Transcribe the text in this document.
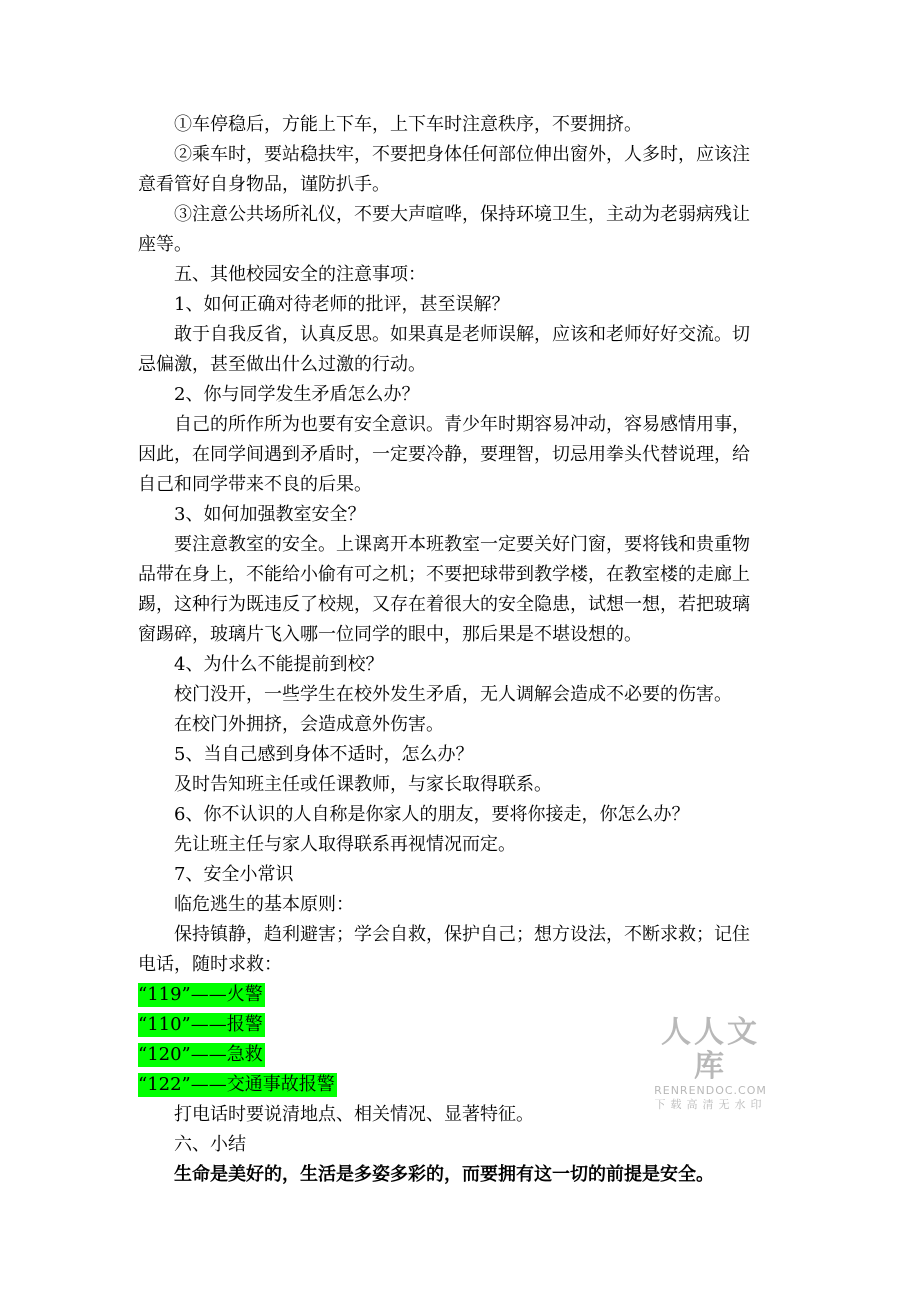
①车停稳后，方能上下车，上下车时注意秩序，不要拥挤。
②乘车时，要站稳扶牢，不要把身体任何部位伸出窗外，人多时，应该注
意看管好自身物品，谨防扒手。
③注意公共场所礼仪，不要大声喧哗，保持环境卫生，主动为老弱病残让
座等。
五、其他校园安全的注意事项：
1、如何正确对待老师的批评，甚至误解？
敢于自我反省，认真反思。如果真是老师误解，应该和老师好好交流。切
忌偏激，甚至做出什么过激的行动。
2、你与同学发生矛盾怎么办？
自己的所作所为也要有安全意识。青少年时期容易冲动，容易感情用事，
因此，在同学间遇到矛盾时，一定要冷静，要理智，切忌用拳头代替说理，给
自己和同学带来不良的后果。
3、如何加强教室安全？
要注意教室的安全。上课离开本班教室一定要关好门窗，要将钱和贵重物
品带在身上，不能给小偷有可之机；不要把球带到教学楼，在教室楼的走廊上
踢，这种行为既违反了校规，又存在着很大的安全隐患，试想一想，若把玻璃
窗踢碎，玻璃片飞入哪一位同学的眼中，那后果是不堪设想的。
4、为什么不能提前到校？
校门没开，一些学生在校外发生矛盾，无人调解会造成不必要的伤害。
在校门外拥挤，会造成意外伤害。
5、当自己感到身体不适时，怎么办？
及时告知班主任或任课教师，与家长取得联系。
6、你不认识的人自称是你家人的朋友，要将你接走，你怎么办？
先让班主任与家人取得联系再视情况而定。
7、安全小常识
临危逃生的基本原则：
保持镇静，趋利避害；学会自救，保护自己；想方设法，不断求救；记住
电话，随时求救：
“119”——火警
“110”——报警
“120”——急救
“122”——交通事故报警
打电话时要说清地点、相关情况、显著特征。
六、小结
生命是美好的，生活是多姿多彩的，而要拥有这一切的前提是安全。
人人文库
RENRENDOC.COM
下载高清无水印
